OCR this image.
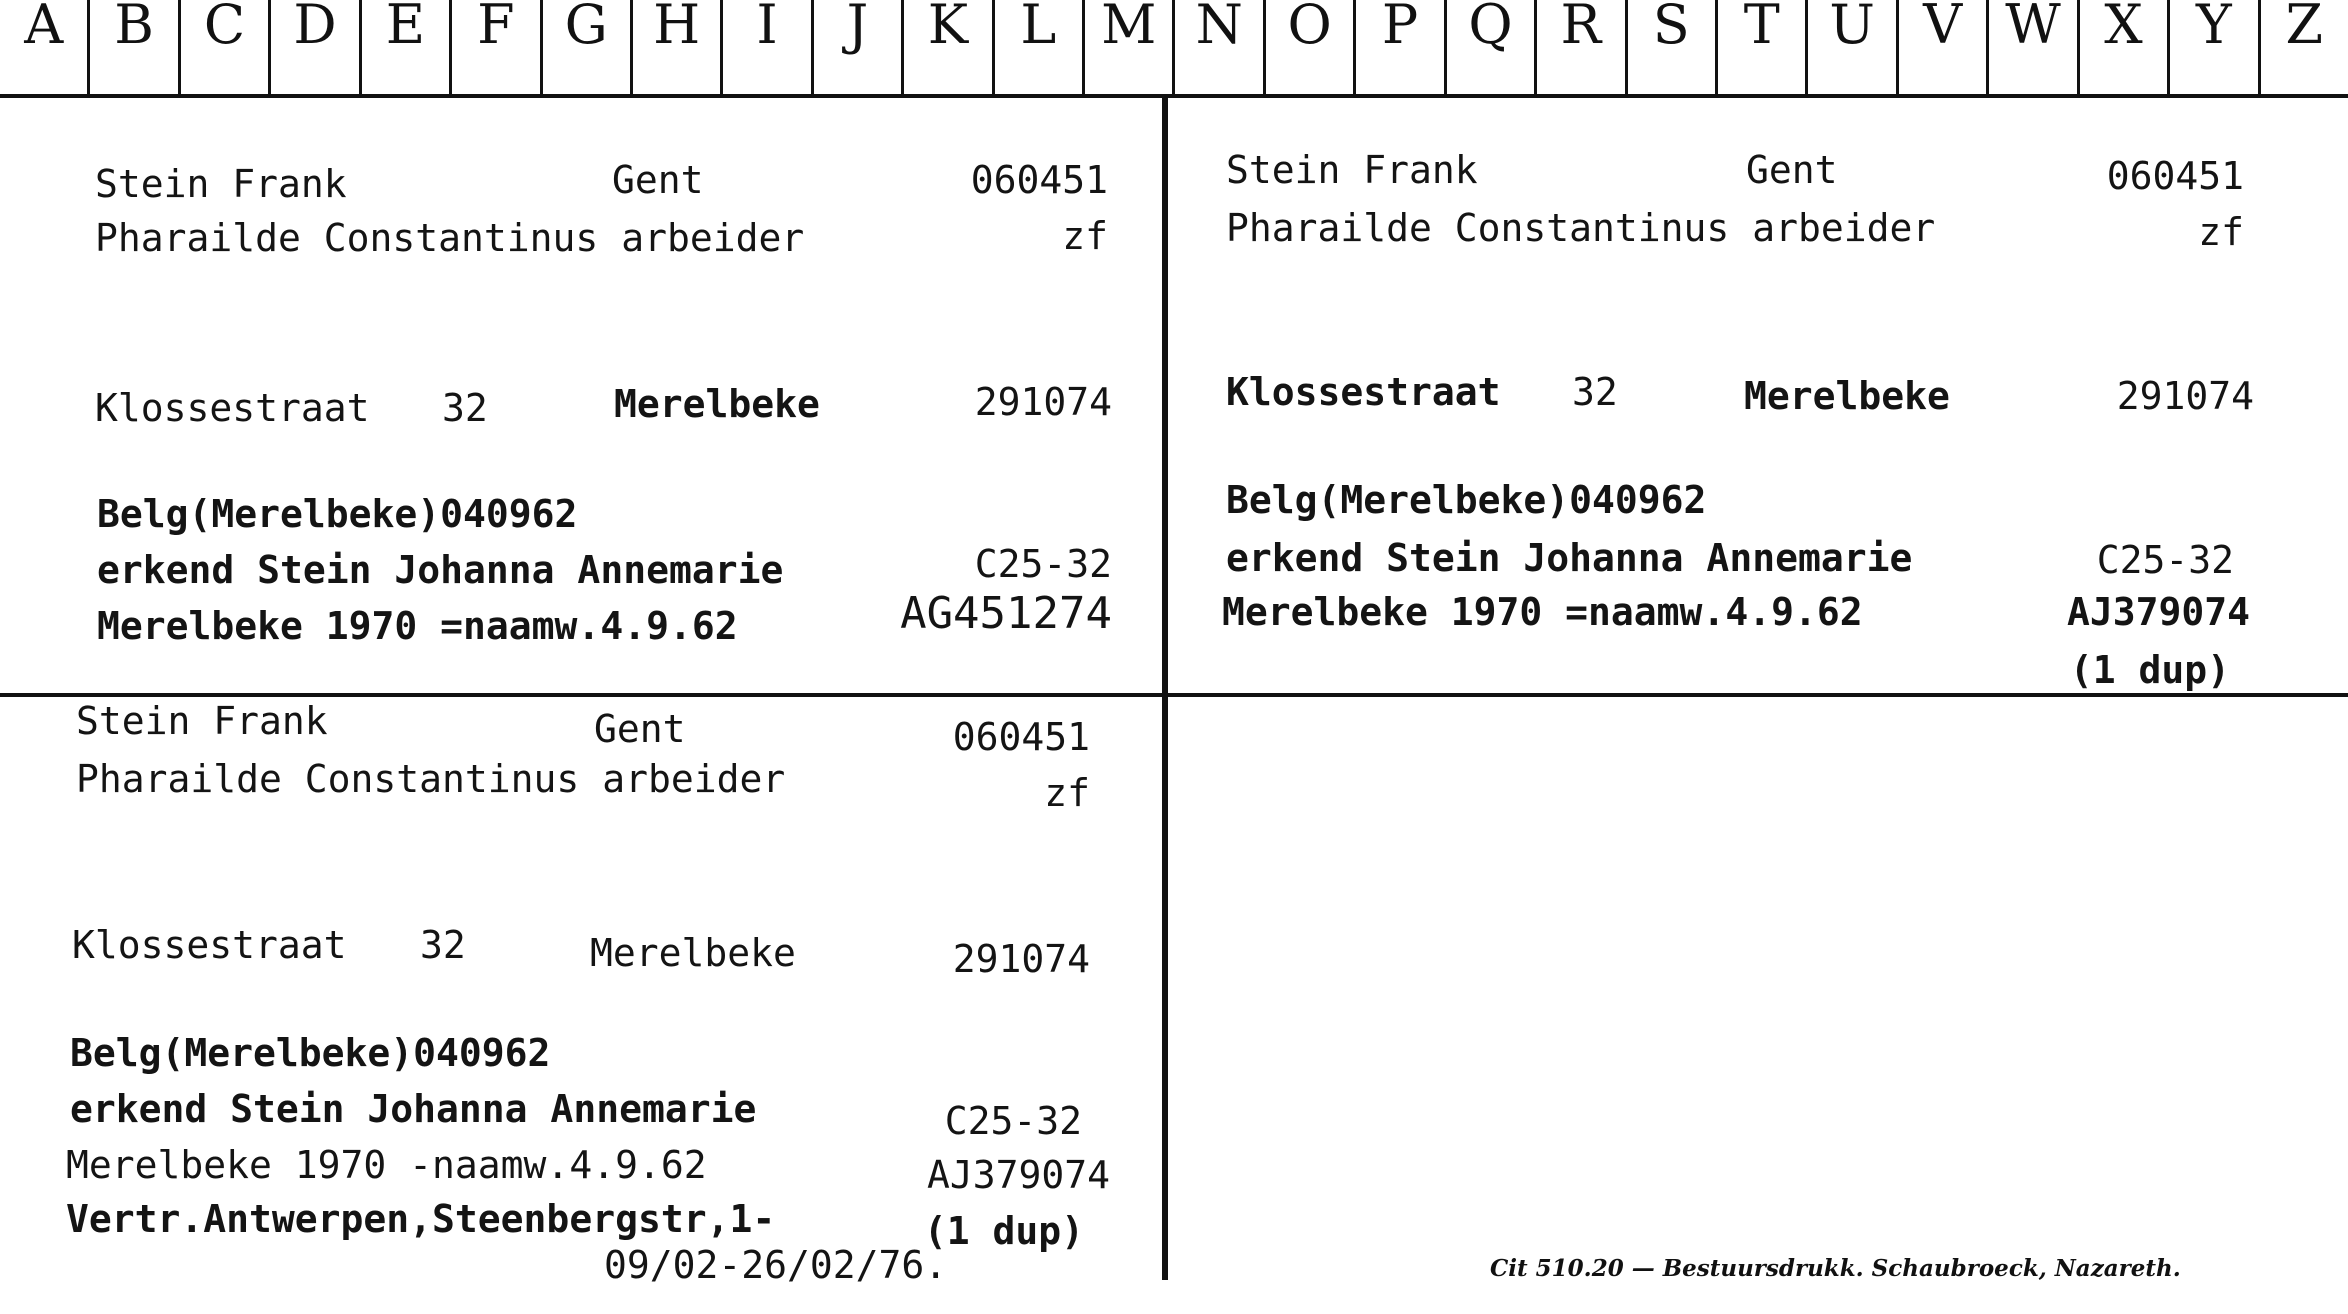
A B C D E F G H	I	J	K L M N O P Q R S T U V W X Y Z
Stein Frank	Gent	060451
Pharailde Constantinus arbeider	zf
Klossestraat 32	Merelbeke	291074
Belg(Merelbeke)040962
erkend Stein Johanna Annemarie	C25-32
Merelbeke 1970 =naamw.4.9.62	AG451274
Stein Frank	Gent	060451
Pharailde Constantinus arbeider	zf
Klossestraat 32	Merelbeke	291074
Belg(Merelbeke)040962
erkend Stein Johanna Annemarie	C25-32
Merelbeke 1970 =naamw.4.9.62	AJ379074
(1 dup)
Stein Frank	Gent	060451
Pharailde Constantinus arbeider	zf
Klossestraat 32	Merelbeke	291074
Belg(Merelbeke)040962
erkend Stein Johanna Annemarie	C25-32
Merelbeke 1970 -naamw.4.9.62	AJ379074
Vertr.Antwerpen,Steenbergstr,1-	(1 dup)
09/02-26/02/76.	Cit 510.20 — Bestuursdrukk. Schaubroeck, Nazareth.
